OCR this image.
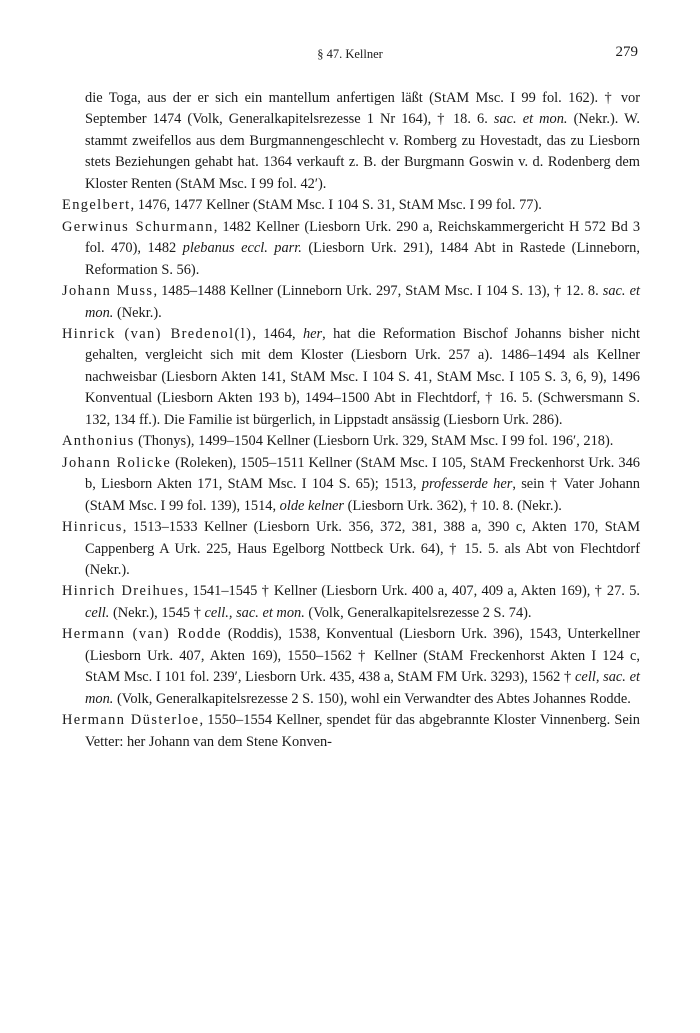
§ 47. Kellner	279

die Toga, aus der er sich ein mantellum anfertigen läßt (StAM Msc. I 99 fol. 162). † vor September 1474 (Volk, Generalkapitelsrezesse 1 Nr 164), † 18. 6. sac. et mon. (Nekr.). W. stammt zweifellos aus dem Burgmannengeschlecht v. Romberg zu Hovestadt, das zu Liesborn stets Beziehungen gehabt hat. 1364 verkauft z. B. der Burgmann Goswin v. d. Rodenberg dem Kloster Renten (StAM Msc. I 99 fol. 42′).

Engelbert, 1476, 1477 Kellner (StAM Msc. I 104 S. 31, StAM Msc. I 99 fol. 77).

Gerwinus Schurmann, 1482 Kellner (Liesborn Urk. 290 a, Reichskammergericht H 572 Bd 3 fol. 470), 1482 plebanus eccl. parr. (Liesborn Urk. 291), 1484 Abt in Rastede (Linneborn, Reformation S. 56).

Johann Muss, 1485–1488 Kellner (Linneborn Urk. 297, StAM Msc. I 104 S. 13), † 12. 8. sac. et mon. (Nekr.).

Hinrick (van) Bredenol(l), 1464, her, hat die Reformation Bischof Johanns bisher nicht gehalten, vergleicht sich mit dem Kloster (Liesborn Urk. 257 a). 1486–1494 als Kellner nachweisbar (Liesborn Akten 141, StAM Msc. I 104 S. 41, StAM Msc. I 105 S. 3, 6, 9), 1496 Konventual (Liesborn Akten 193 b), 1494–1500 Abt in Flechtdorf, † 16. 5. (Schwersmann S. 132, 134 ff.). Die Familie ist bürgerlich, in Lippstadt ansässig (Liesborn Urk. 286).

Anthonius (Thonys), 1499–1504 Kellner (Liesborn Urk. 329, StAM Msc. I 99 fol. 196′, 218).

Johann Rolicke (Roleken), 1505–1511 Kellner (StAM Msc. I 105, StAM Freckenhorst Urk. 346 b, Liesborn Akten 171, StAM Msc. I 104 S. 65); 1513, professerde her, sein † Vater Johann (StAM Msc. I 99 fol. 139), 1514, olde kelner (Liesborn Urk. 362), † 10. 8. (Nekr.).

Hinricus, 1513–1533 Kellner (Liesborn Urk. 356, 372, 381, 388 a, 390 c, Akten 170, StAM Cappenberg A Urk. 225, Haus Egelborg Nottbeck Urk. 64), † 15. 5. als Abt von Flechtdorf (Nekr.).

Hinrich Dreihues, 1541–1545 † Kellner (Liesborn Urk. 400 a, 407, 409 a, Akten 169), † 27. 5. cell. (Nekr.), 1545 † cell., sac. et mon. (Volk, Generalkapitelsrezesse 2 S. 74).

Hermann (van) Rodde (Roddis), 1538, Konventual (Liesborn Urk. 396), 1543, Unterkellner (Liesborn Urk. 407, Akten 169), 1550–1562 † Kellner (StAM Freckenhorst Akten I 124 c, StAM Msc. I 101 fol. 239′, Liesborn Urk. 435, 438 a, StAM FM Urk. 3293), 1562 † cell, sac. et mon. (Volk, Generalkapitelsrezesse 2 S. 150), wohl ein Verwandter des Abtes Johannes Rodde.

Hermann Düsterloe, 1550–1554 Kellner, spendet für das abgebrannte Kloster Vinnenberg. Sein Vetter: her Johann van dem Stene Konven-
